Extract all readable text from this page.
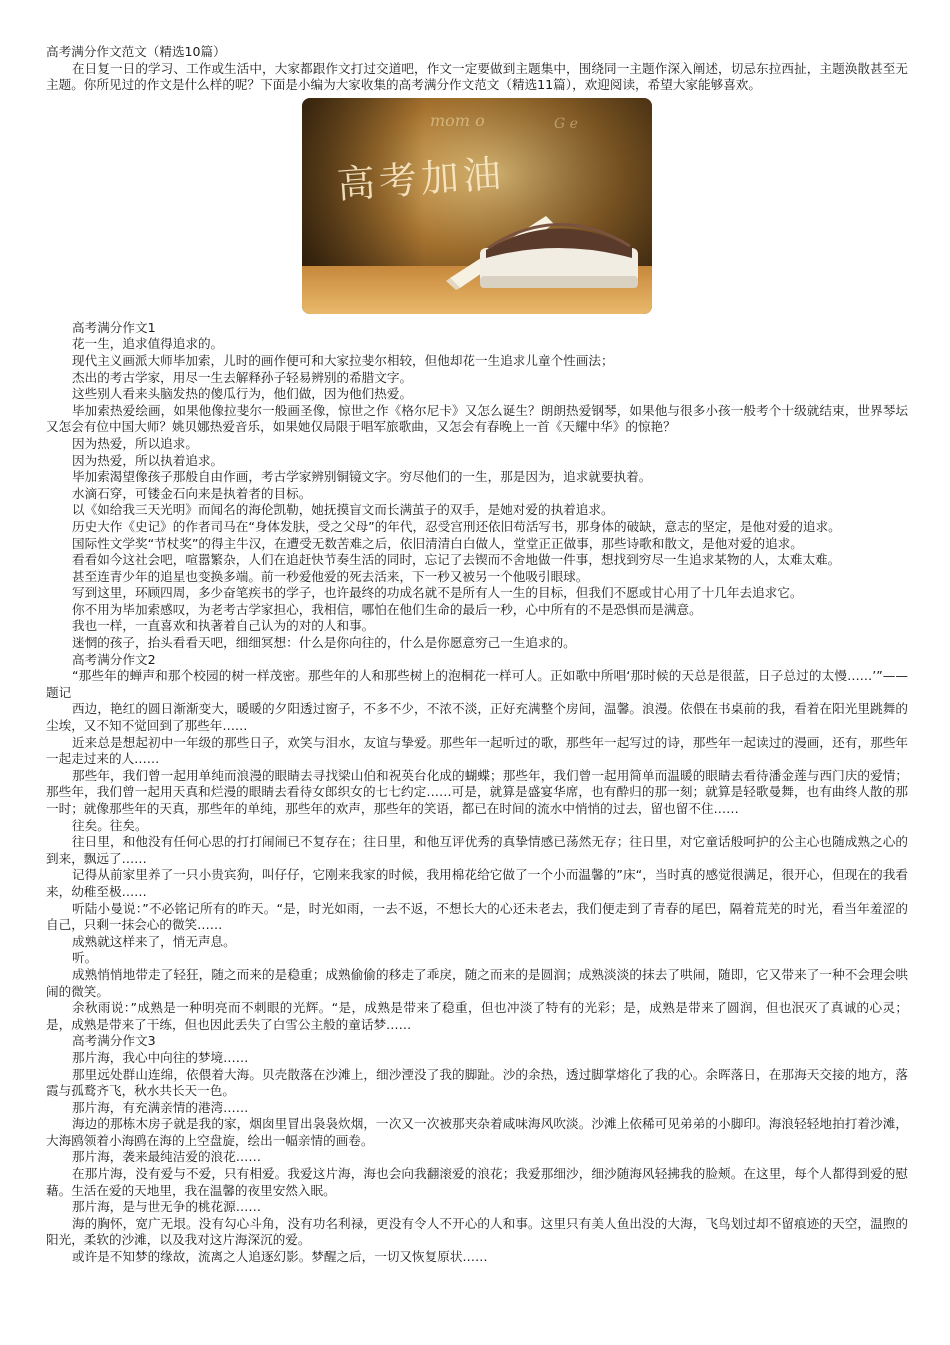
高考满分作文范文（精选10篇）

在日复一日的学习、工作或生活中，大家都跟作文打过交道吧，作文一定要做到主题集中，围绕同一主题作深入阐述，切忌东拉西扯，主题涣散甚至无主题。你所见过的作文是什么样的呢？下面是小编为大家收集的高考满分作文范文（精选11篇），欢迎阅读，希望大家能够喜欢。

mom o	G e
高考加油

高考满分作文1

花一生，追求值得追求的。

现代主义画派大师毕加索，儿时的画作便可和大家拉斐尔相较，但他却花一生追求儿童个性画法；

杰出的考古学家，用尽一生去解释孙子轻易辨别的希腊文字。

这些别人看来头脑发热的傻瓜行为，他们做，因为他们热爱。

毕加索热爱绘画，如果他像拉斐尔一般画圣像，惊世之作《格尔尼卡》又怎么诞生？朗朗热爱钢琴，如果他与很多小孩一般考个十级就结束，世界琴坛又怎会有位中国大师？姚贝娜热爱音乐，如果她仅局限于唱军旅歌曲，又怎会有春晚上一首《天耀中华》的惊艳？

因为热爱，所以追求。

因为热爱，所以执着追求。

毕加索渴望像孩子那般自由作画，考古学家辨别铜镜文字。穷尽他们的一生，那是因为，追求就要执着。

水滴石穿，可镂金石向来是执着者的目标。

以《如给我三天光明》而闻名的海伦凯勒，她抚摸盲文而长满茧子的双手，是她对爱的执着追求。

历史大作《史记》的作者司马在“身体发肤，受之父母”的年代，忍受宫刑还依旧苟活写书，那身体的破缺，意志的坚定，是他对爱的追求。

国际性文学奖“节杖奖”的得主牛汉，在遭受无数苦难之后，依旧清清白白做人，堂堂正正做事，那些诗歌和散文，是他对爱的追求。

看看如今这社会吧，喧嚣繁杂，人们在追赶快节奏生活的同时，忘记了去锲而不舍地做一件事，想找到穷尽一生追求某物的人，太难太难。

甚至连青少年的追星也变换多端。前一秒爱他爱的死去活来，下一秒又被另一个他吸引眼球。

写到这里，环顾四周，多少奋笔疾书的学子，也许最终的功成名就不是所有人一生的目标，但我们不愿或甘心用了十几年去追求它。

你不用为毕加索感叹，为老考古学家担心，我相信，哪怕在他们生命的最后一秒，心中所有的不是恐惧而是满意。

我也一样，一直喜欢和执著着自己认为的对的人和事。

迷惘的孩子，抬头看看天吧，细细冥想：什么是你向往的，什么是你愿意穷己一生追求的。

高考满分作文2

“那些年的蝉声和那个校园的树一样茂密。那些年的人和那些树上的泡桐花一样可人。正如歌中所唱‘那时候的天总是很蓝，日子总过的太慢……’”——题记

西边，艳红的圆日渐渐变大，暖暖的夕阳透过窗子，不多不少，不浓不淡，正好充满整个房间，温馨。浪漫。依偎在书桌前的我，看着在阳光里跳舞的尘埃，又不知不觉回到了那些年……

近来总是想起初中一年级的那些日子，欢笑与泪水，友谊与挚爱。那些年一起听过的歌，那些年一起写过的诗，那些年一起读过的漫画，还有，那些年一起走过来的人……

那些年，我们曾一起用单纯而浪漫的眼睛去寻找梁山伯和祝英台化成的蝴蝶；那些年，我们曾一起用简单而温暖的眼睛去看待潘金莲与西门庆的爱情；那些年，我们曾一起用天真和烂漫的眼睛去看待女郎织女的七七约定……可是，就算是盛宴华席，也有酔归的那一刻；就算是轻歌曼舞，也有曲终人散的那一时；就像那些年的天真，那些年的单纯，那些年的欢声，那些年的笑语，都已在时间的流水中悄悄的过去，留也留不住……

往矣。往矣。

往日里，和他没有任何心思的打打闹闹已不复存在；往日里，和他互评优秀的真挚情感已荡然无存；往日里，对它童话般呵护的公主心也随成熟之心的到来，飘远了……

记得从前家里养了一只小贵宾狗，叫仔仔，它刚来我家的时候，我用棉花给它做了一个小而温馨的”床“，当时真的感觉很满足，很开心，但现在的我看来，幼稚至极……

听陆小曼说：”不必铭记所有的昨天。“是，时光如雨，一去不返，不想长大的心还未老去，我们便走到了青春的尾巴，隔着荒芜的时光，看当年羞涩的自己，只剩一抹会心的微笑……

成熟就这样来了，悄无声息。

听。

成熟悄悄地带走了轻狂，随之而来的是稳重；成熟偷偷的移走了乖戾，随之而来的是圆润；成熟淡淡的抹去了哄闹，随即，它又带来了一种不会理会哄闹的微笑。

余秋雨说：”成熟是一种明亮而不刺眼的光辉。“是，成熟是带来了稳重，但也冲淡了特有的光彩；是，成熟是带来了圆润，但也泯灭了真诚的心灵；是，成熟是带来了干练，但也因此丢失了白雪公主般的童话梦……

高考满分作文3

那片海，我心中向往的梦境……

那里远处群山连绵，依偎着大海。贝壳散落在沙滩上，细沙湮没了我的脚趾。沙的余热，透过脚掌熔化了我的心。余晖落日，在那海天交接的地方，落霞与孤鹜齐飞，秋水共长天一色。

那片海，有充满亲情的港湾……

海边的那栋木房子就是我的家，烟囱里冒出袅袅炊烟，一次又一次被那夹杂着咸味海风吹淡。沙滩上依稀可见弟弟的小脚印。海浪轻轻地拍打着沙滩，大海鸥领着小海鸥在海的上空盘旋，绘出一幅亲情的画卷。

那片海，袭来最纯洁爱的浪花……

在那片海，没有爱与不爱，只有相爱。我爱这片海，海也会向我翻滚爱的浪花；我爱那细沙，细沙随海风轻拂我的脸颊。在这里，每个人都得到爱的慰藉。生活在爱的天地里，我在温馨的夜里安然入眠。

那片海，是与世无争的桃花源……

海的胸怀，宽广无垠。没有勾心斗角，没有功名利禄，更没有令人不开心的人和事。这里只有美人鱼出没的大海，飞鸟划过却不留痕迹的天空，温煦的阳光，柔软的沙滩，以及我对这片海深沉的爱。

或许是不知梦的缘故，流离之人追逐幻影。梦醒之后，一切又恢复原状……
